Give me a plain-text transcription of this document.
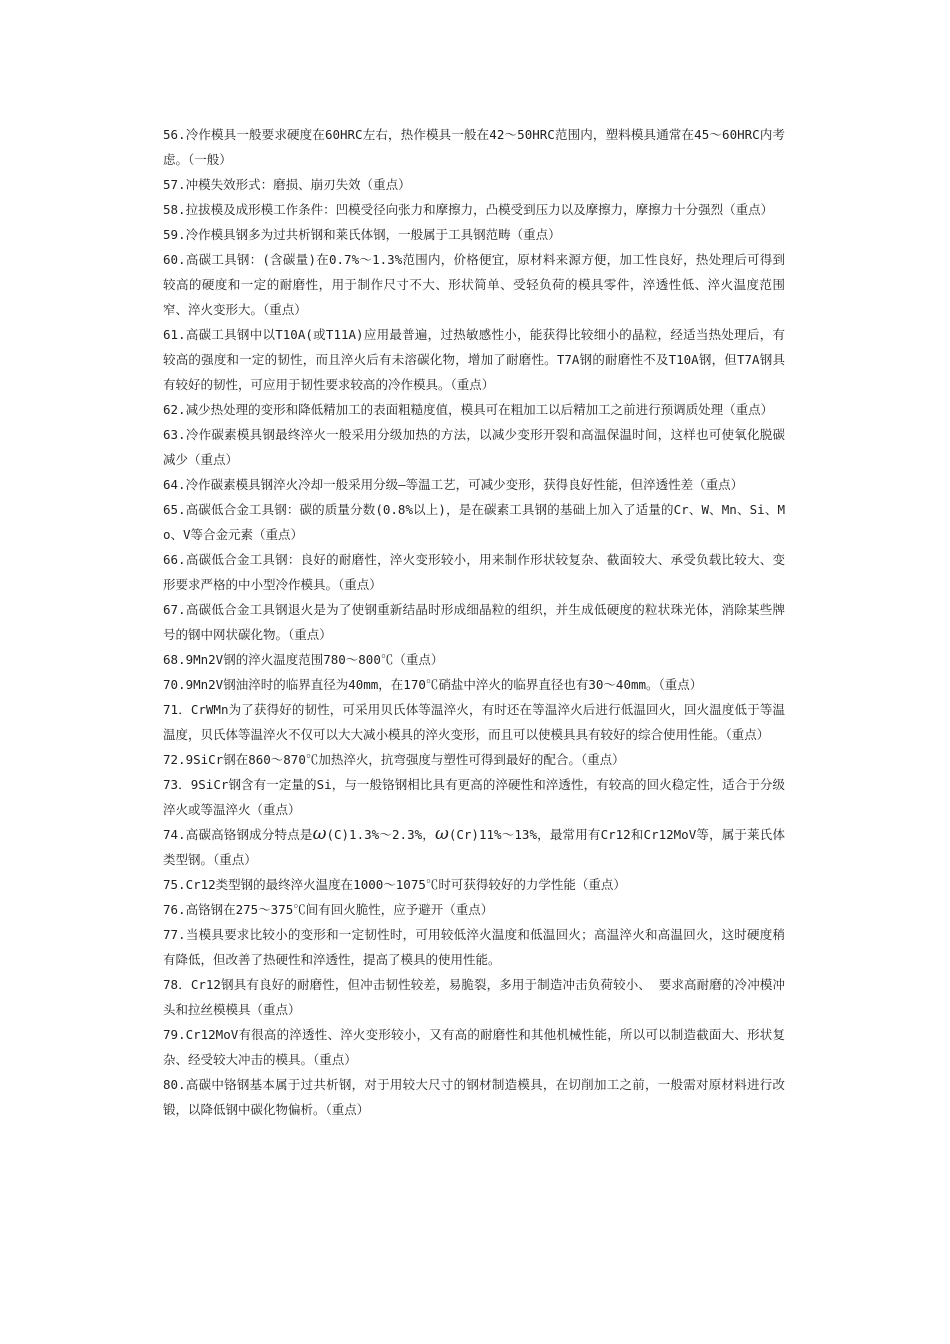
56.冷作模具一般要求硬度在60HRC左右，热作模具一般在42～50HRC范围内，塑料模具通常在45～60HRC内考虑。（一般）

57.冲模失效形式：磨损、崩刃失效（重点）

58.拉拔模及成形模工作条件：凹模受径向张力和摩擦力，凸模受到压力以及摩擦力，摩擦力十分强烈（重点）

59.冷作模具钢多为过共析钢和莱氏体钢，一般属于工具钢范畴（重点）

60.高碳工具钢：(含碳量)在0.7%～1.3%范围内，价格便宜，原材料来源方便，加工性良好，热处理后可得到较高的硬度和一定的耐磨性，用于制作尺寸不大、形状简单、受轻负荷的模具零件，淬透性低、淬火温度范围窄、淬火变形大。（重点）

61.高碳工具钢中以T10A(或T11A)应用最普遍，过热敏感性小，能获得比较细小的晶粒，经适当热处理后，有较高的强度和一定的韧性，而且淬火后有未溶碳化物，增加了耐磨性。T7A钢的耐磨性不及T10A钢，但T7A钢具有较好的韧性，可应用于韧性要求较高的冷作模具。（重点）

62.减少热处理的变形和降低精加工的表面粗糙度值，模具可在粗加工以后精加工之前进行预调质处理（重点）

63.冷作碳素模具钢最终淬火一般采用分级加热的方法，以减少变形开裂和高温保温时间，这样也可使氧化脱碳减少（重点）

64.冷作碳素模具钢淬火冷却一般采用分级—等温工艺，可减少变形，获得良好性能，但淬透性差（重点）

65.高碳低合金工具钢：碳的质量分数(0.8%以上)，是在碳素工具钢的基础上加入了适量的Cr、W、Mn、Si、Mo、V等合金元素（重点）

66.高碳低合金工具钢：良好的耐磨性，淬火变形较小，用来制作形状较复杂、截面较大、承受负载比较大、变形要求严格的中小型冷作模具。（重点）

67.高碳低合金工具钢退火是为了使钢重新结晶时形成细晶粒的组织，并生成低硬度的粒状珠光体，消除某些牌号的钢中网状碳化物。（重点）

68.9Mn2V钢的淬火温度范围780～800℃（重点）

70.9Mn2V钢油淬时的临界直径为40mm，在170℃硝盐中淬火的临界直径也有30～40mm。（重点）

71．CrWMn为了获得好的韧性，可采用贝氏体等温淬火，有时还在等温淬火后进行低温回火，回火温度低于等温温度，贝氏体等温淬火不仅可以大大减小模具的淬火变形，而且可以使模具具有较好的综合使用性能。（重点）

72.9SiCr钢在860～870℃加热淬火，抗弯强度与塑性可得到最好的配合。（重点）

73．9SiCr钢含有一定量的Si，与一般铬钢相比具有更高的淬硬性和淬透性，有较高的回火稳定性，适合于分级淬火或等温淬火（重点）

74.高碳高铬钢成分特点是ω(C)1.3%～2.3%，ω(Cr)11%～13%，最常用有Cr12和Cr12MoV等，属于莱氏体类型钢。（重点）

75.Cr12类型钢的最终淬火温度在1000～1075℃时可获得较好的力学性能（重点）

76.高铬钢在275～375℃间有回火脆性，应予避开（重点）

77.当模具要求比较小的变形和一定韧性时，可用较低淬火温度和低温回火；高温淬火和高温回火，这时硬度稍有降低，但改善了热硬性和淬透性，提高了模具的使用性能。

78．Cr12钢具有良好的耐磨性，但冲击韧性较差，易脆裂，多用于制造冲击负荷较小、 要求高耐磨的冷冲模冲头和拉丝模模具（重点）

79.Cr12MoV有很高的淬透性、淬火变形较小，又有高的耐磨性和其他机械性能，所以可以制造截面大、形状复杂、经受较大冲击的模具。（重点）

80.高碳中铬钢基本属于过共析钢，对于用较大尺寸的钢材制造模具，在切削加工之前，一般需对原材料进行改锻，以降低钢中碳化物偏析。（重点）
